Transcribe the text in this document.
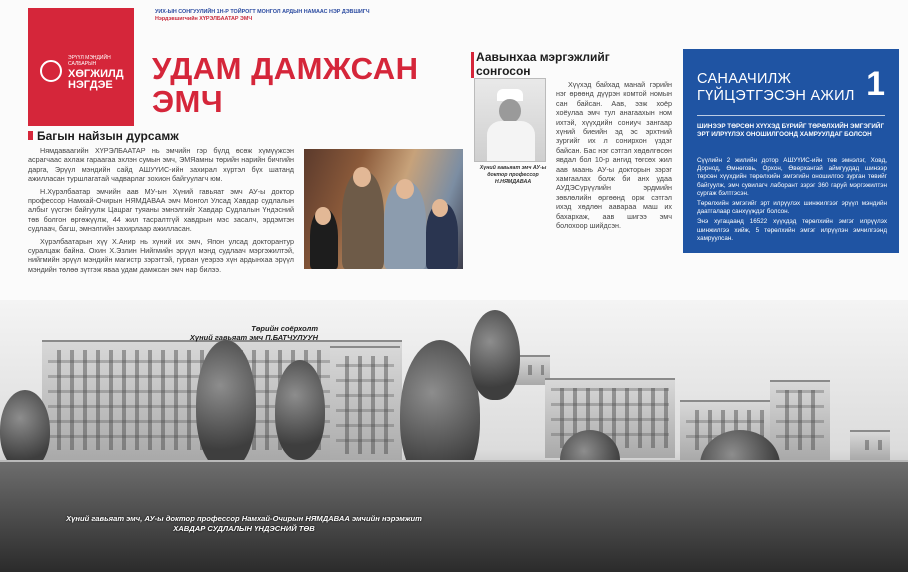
ЭРҮҮЛ МЭНДИЙН
САЛБАРЫН
ХӨГЖИЛД
НЭГДЭЕ
УИХ-ЫН СОНГУУЛИЙН 1Н-Р ТОЙРОГТ МОНГОЛ АРДЫН НАМААС НЭР ДЭВШИГЧ
Нэрдэвшигчийн ХҮРЭЛБААТАР ЭМЧ
УДАМ ДАМЖСАН
ЭМЧ
Багын найзын дурсамж

Нямдаваагийн ХҮРЭЛБААТАР нь эмчийн гэр бүлд өсөж хүмүүжсэн асрагчаас ахлаж гараагаа эхлэн сумын эмч, ЭМЯамны төрийн нарийн бичгийн дарга, Эрүүл мэндийн сайд АШУҮИС-ийн захирал хүртэл бүх шатанд ажилласан туршлагатай чадварлаг зохион байгуулагч юм.

Н.Хүрэлбаатар эмчийн аав МУ-ын Хүний гавьяат эмч АУ-ы доктор профессор Намхай-Очирын НЯМДАВАА эмч Монгол Улсад Хавдар судлалын албыг үүсгэн байгуулж Цацраг туяаны эмнэлгийг Хавдар Судлалын Үндэсний төв болгон өргөжүүлж, 44 жил тасралтгүй хавдрын мэс засалч, эрдэмтэн судлаач, багш, эмнэлгийн захирлаар ажилласан.

Хүрэлбаатарын хүү Х.Анир нь хүний их эмч, Япон улсад докторантур суралцаж байна. Охин Х.Эзлин Нийгмийн эрүүл мэнд судлаач мэргэжилтэй, нийгмийн эрүүл мэндийн магистр зэрэгтэй, гурван үеэрээ хүн ардынхаа эрүүл мэндийн төлөө зүтгэж яваа удам дамжсан эмч нар билээ.

Төрийн соёрхолт
Хүний гавьяат эмч П.БАТЧУЛУУН
Аавынхаа мэргэжлийг
сонгосон
Хүний гавьяат эмч АУ-ы доктор профессор Н.НЯМДАВАА

Хүүхэд байхад манай гэрийн нэг өрөөнд дүүрэн комтой номын сан байсан. Аав, ээж хоёр хоёулаа эмч тул анагаахын ном ихтэй, хүүхдийн сониуч зангаар хүний биеийн эд эс эрхтний зургийг их л сонирхон үздэг байсан. Бас нэг сэтгэл хөдөлгөсөн явдал бол 10-р ангид төгсөх жил аав маань АУ-ы докторын зэрэг хамгаалах болж би анх удаа АУДЭСүрүүлийн эрдмийн зөвлөлийн өргөөнд орж сэтгэл ихэд хөдлөн аавараа маш их бахархаж, аав шигээ эмч болохоор шийдсэн.

САНААЧИЛЖ
ГҮЙЦЭТГЭСЭН АЖИЛ 1
ШИНЭЭР ТӨРСӨН ХҮҮХЭД БҮРИЙГ ТӨРӨЛХИЙН ЭМГЭГИЙГ ЭРТ ИЛРҮҮЛЭХ ОНОШИЛГООНД ХАМРУУЛДАГ БОЛСОН

Сүүлийн 2 жилийн дотор АШУҮИС-ийн төв эмнэлэг, Ховд, Дорнод, Өмнөговь, Орхон, Өвөрхангай аймгуудад шинээр төрсөн хүүхдийн төрөлхийн эмгэгийн оношилгоо зурган төвийг байгуулж, эмч сувилагч лаборант зэрэг 360 гаруй мэргэжилтэн сургаж бэлтгэсэн.

Төрөлхийн эмгэгийг эрт илрүүлэх шинжилгээг эрүүл мэндийн даатгалаар санхүүждэг болсон.

Энэ хугацаанд 16522 хүүхдэд төрөлхийн эмгэг илрүүлэх шинжилгээ хийж, 5 төрөлхийн эмгэг илрүүлэн эмчилгээнд хамруулсан.

Хүний гавьяат эмч, АУ-ы доктор профессор Намхай-Очирын НЯМДАВАА эмчийн нэрэмжит
ХАВДАР СУДЛАЛЫН ҮНДЭСНИЙ ТӨВ
